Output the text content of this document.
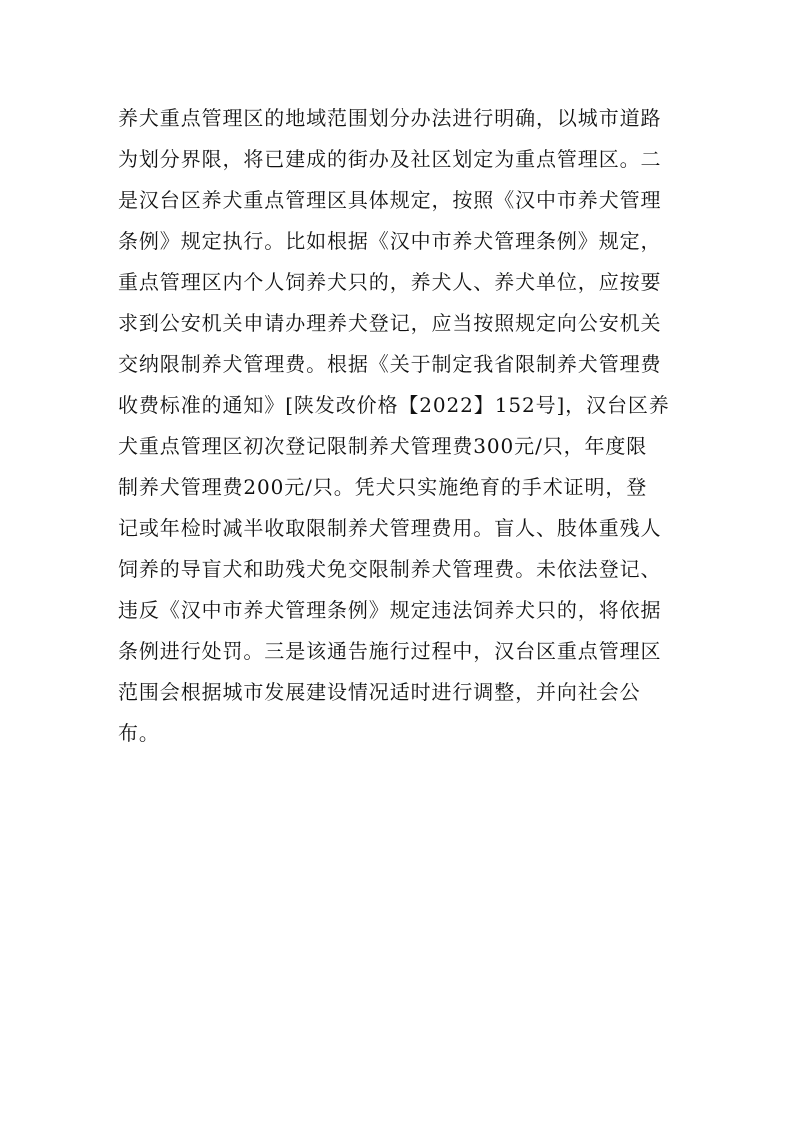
养犬重点管理区的地域范围划分办法进行明确，以城市道路
为划分界限，将已建成的街办及社区划定为重点管理区。二
是汉台区养犬重点管理区具体规定，按照《汉中市养犬管理
条例》规定执行。比如根据《汉中市养犬管理条例》规定，
重点管理区内个人饲养犬只的，养犬人、养犬单位，应按要
求到公安机关申请办理养犬登记，应当按照规定向公安机关
交纳限制养犬管理费。根据《关于制定我省限制养犬管理费
收费标准的通知》[陕发改价格【2022】152号]，汉台区养
犬重点管理区初次登记限制养犬管理费300元/只，年度限
制养犬管理费200元/只。凭犬只实施绝育的手术证明，登
记或年检时减半收取限制养犬管理费用。盲人、肢体重残人
饲养的导盲犬和助残犬免交限制养犬管理费。未依法登记、
违反《汉中市养犬管理条例》规定违法饲养犬只的，将依据
条例进行处罚。三是该通告施行过程中，汉台区重点管理区
范围会根据城市发展建设情况适时进行调整，并向社会公
布。
